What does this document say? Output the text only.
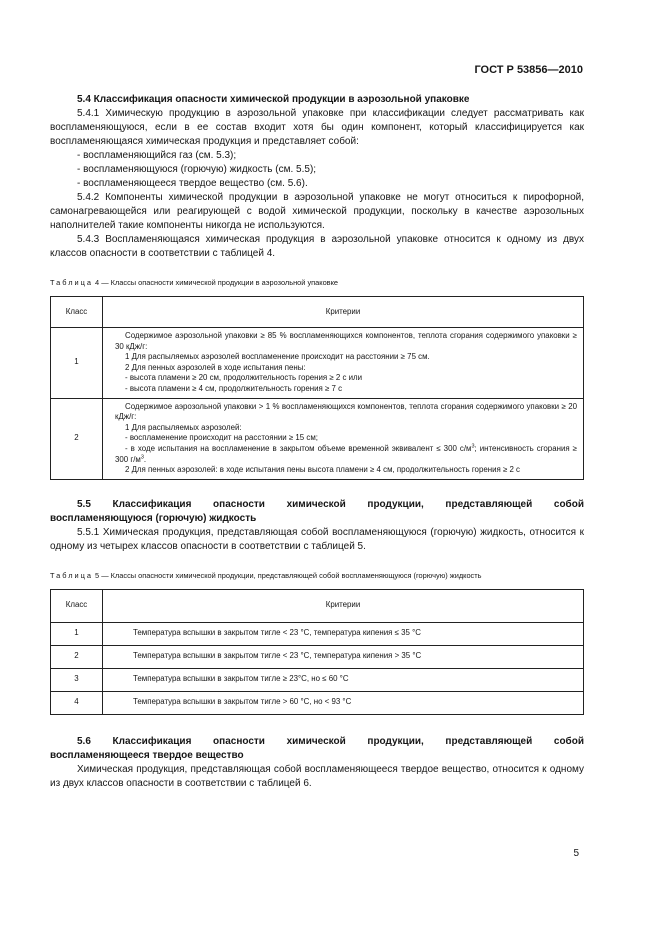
ГОСТ Р 53856—2010
5.4 Классификация опасности химической продукции в аэрозольной упаковке

5.4.1 Химическую продукцию в аэрозольной упаковке при классификации следует рассматривать как воспламеняющуюся, если в ее состав входит хотя бы один компонент, который классифицируется как воспламеняющаяся химическая продукция и представляет собой:

- воспламеняющийся газ (см. 5.3);
- воспламеняющуюся (горючую) жидкость (см. 5.5);
- воспламеняющееся твердое вещество (см. 5.6).

5.4.2 Компоненты химической продукции в аэрозольной упаковке не могут относиться к пирофорной, самонагревающейся или реагирующей с водой химической продукции, поскольку в качестве аэрозольных наполнителей такие компоненты никогда не используются.

5.4.3 Воспламеняющаяся химическая продукция в аэрозольной упаковке относится к одному из двух классов опасности в соответствии с таблицей 4.

Таблица 4 — Классы опасности химической продукции в аэрозольной упаковке
Класс	Критерии
1	Содержимое аэрозольной упаковки ≥ 85 % воспламеняющихся компонентов, теплота сгорания содержимого упаковки ≥ 30 кДж/г:

1 Для распыляемых аэрозолей воспламенение происходит на расстоянии ≥ 75 см.

2 Для пенных аэрозолей в ходе испытания пены:

- высота пламени ≥ 20 см, продолжительность горения ≥ 2 с или

- высота пламени ≥ 4 см, продолжительность горения ≥ 7 с

2	Содержимое аэрозольной упаковки > 1 % воспламеняющихся компонентов, теплота сгорания содержимого упаковки ≥ 20 кДж/г:

1 Для распыляемых аэрозолей:

- воспламенение происходит на расстоянии ≥ 15 см;

- в ходе испытания на воспламенение в закрытом объеме временной эквивалент ≤ 300 $с/м^3$; интенсивность сгорания ≥ 300 $г/м^3$.

2 Для пенных аэрозолей: в ходе испытания пены высота пламени ≥ 4 см, продолжительность горения ≥ 2 с

5.5 Классификация опасности химической продукции, представляющей собой
воспламеняющуюся (горючую) жидкость

5.5.1 Химическая продукция, представляющая собой воспламеняющуюся (горючую) жидкость, относится к одному из четырех классов опасности в соответствии с таблицей 5.

Таблица 5 — Классы опасности химической продукции, представляющей собой воспламеняющуюся (горючую) жидкость
Класс	Критерии
1	Температура вспышки в закрытом тигле < 23 °С, температура кипения ≤ 35 °С
2	Температура вспышки в закрытом тигле < 23 °С, температура кипения > 35 °С
3	Температура вспышки в закрытом тигле ≥ 23°С, но ≤ 60 °С
4	Температура вспышки в закрытом тигле > 60 °С, но < 93 °С
5.6 Классификация опасности химической продукции, представляющей собой
воспламеняющееся твердое вещество

Химическая продукция, представляющая собой воспламеняющееся твердое вещество, относится к одному из двух классов опасности в соответствии с таблицей 6.

5
